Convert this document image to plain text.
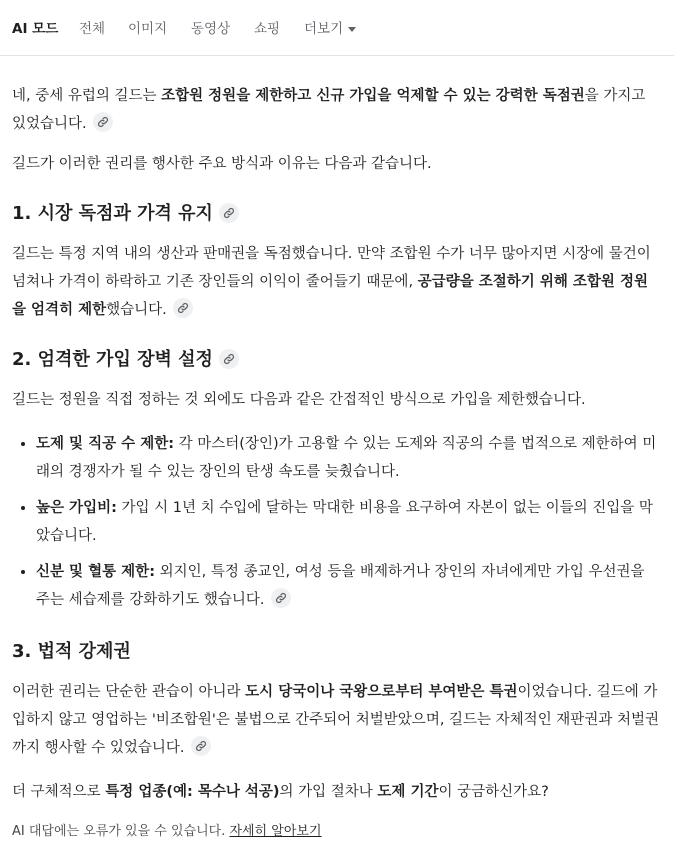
AI 모드 전체 이미지 동영상 쇼핑 더보기

네, 중세 유럽의 길드는 조합원 정원을 제한하고 신규 가입을 억제할 수 있는 강력한 독점권을 가지고 있었습니다.

길드가 이러한 권리를 행사한 주요 방식과 이유는 다음과 같습니다.

1. 시장 독점과 가격 유지

길드는 특정 지역 내의 생산과 판매권을 독점했습니다. 만약 조합원 수가 너무 많아지면 시장에 물건이 넘쳐나 가격이 하락하고 기존 장인들의 이익이 줄어들기 때문에, 공급량을 조절하기 위해 조합원 정원을 엄격히 제한했습니다.

2. 엄격한 가입 장벽 설정

길드는 정원을 직접 정하는 것 외에도 다음과 같은 간접적인 방식으로 가입을 제한했습니다.

• 도제 및 직공 수 제한: 각 마스터(장인)가 고용할 수 있는 도제와 직공의 수를 법적으로 제한하여 미래의 경쟁자가 될 수 있는 장인의 탄생 속도를 늦췄습니다.
• 높은 가입비: 가입 시 1년 치 수입에 달하는 막대한 비용을 요구하여 자본이 없는 이들의 진입을 막았습니다.
• 신분 및 혈통 제한: 외지인, 특정 종교인, 여성 등을 배제하거나 장인의 자녀에게만 가입 우선권을 주는 세습제를 강화하기도 했습니다.
3. 법적 강제권

이러한 권리는 단순한 관습이 아니라 도시 당국이나 국왕으로부터 부여받은 특권이었습니다. 길드에 가입하지 않고 영업하는 '비조합원'은 불법으로 간주되어 처벌받았으며, 길드는 자체적인 재판권과 처벌권까지 행사할 수 있었습니다.

더 구체적으로 특정 업종(예: 목수나 석공)의 가입 절차나 도제 기간이 궁금하신가요?

AI 대답에는 오류가 있을 수 있습니다. 자세히 알아보기
